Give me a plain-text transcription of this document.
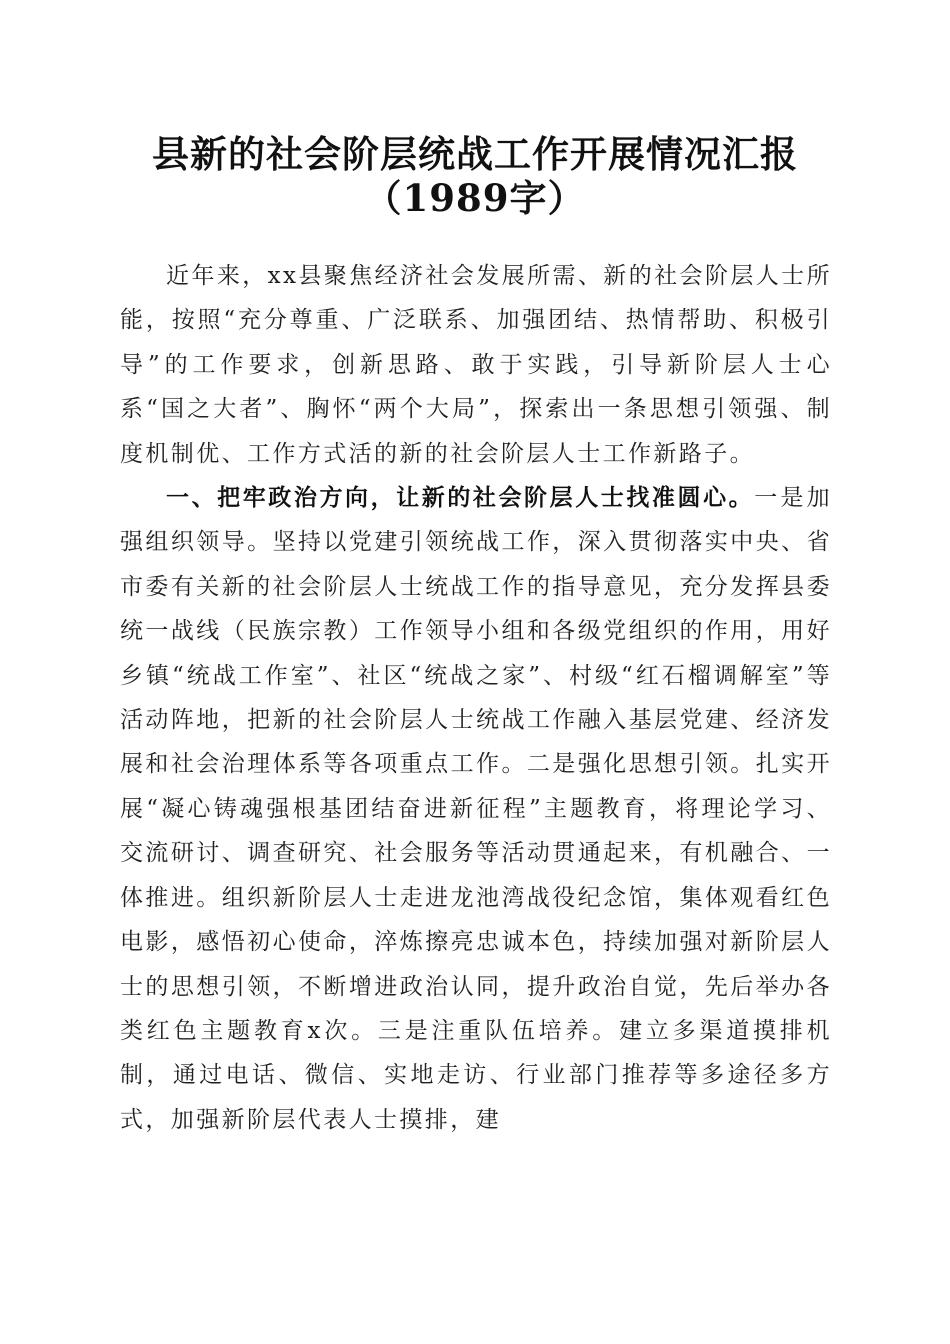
县新的社会阶层统战工作开展情况汇报（1989字）

近年来，xx县聚焦经济社会发展所需、新的社会阶层人士所能，按照“充分尊重、广泛联系、加强团结、热情帮助、积极引导”的工作要求，创新思路、敢于实践，引导新阶层人士心系“国之大者”、胸怀“两个大局”，探索出一条思想引领强、制度机制优、工作方式活的新的社会阶层人士工作新路子。

一、把牢政治方向，让新的社会阶层人士找准圆心。一是加强组织领导。坚持以党建引领统战工作，深入贯彻落实中央、省市委有关新的社会阶层人士统战工作的指导意见，充分发挥县委统一战线（民族宗教）工作领导小组和各级党组织的作用，用好乡镇“统战工作室”、社区“统战之家”、村级“红石榴调解室”等活动阵地，把新的社会阶层人士统战工作融入基层党建、经济发展和社会治理体系等各项重点工作。二是强化思想引领。扎实开展“凝心铸魂强根基团结奋进新征程”主题教育，将理论学习、交流研讨、调查研究、社会服务等活动贯通起来，有机融合、一体推进。组织新阶层人士走进龙池湾战役纪念馆，集体观看红色电影，感悟初心使命，淬炼擦亮忠诚本色，持续加强对新阶层人士的思想引领，不断增进政治认同，提升政治自觉，先后举办各类红色主题教育x次。三是注重队伍培养。建立多渠道摸排机制，通过电话、微信、实地走访、行业部门推荐等多途径多方式，加强新阶层代表人士摸排，建
